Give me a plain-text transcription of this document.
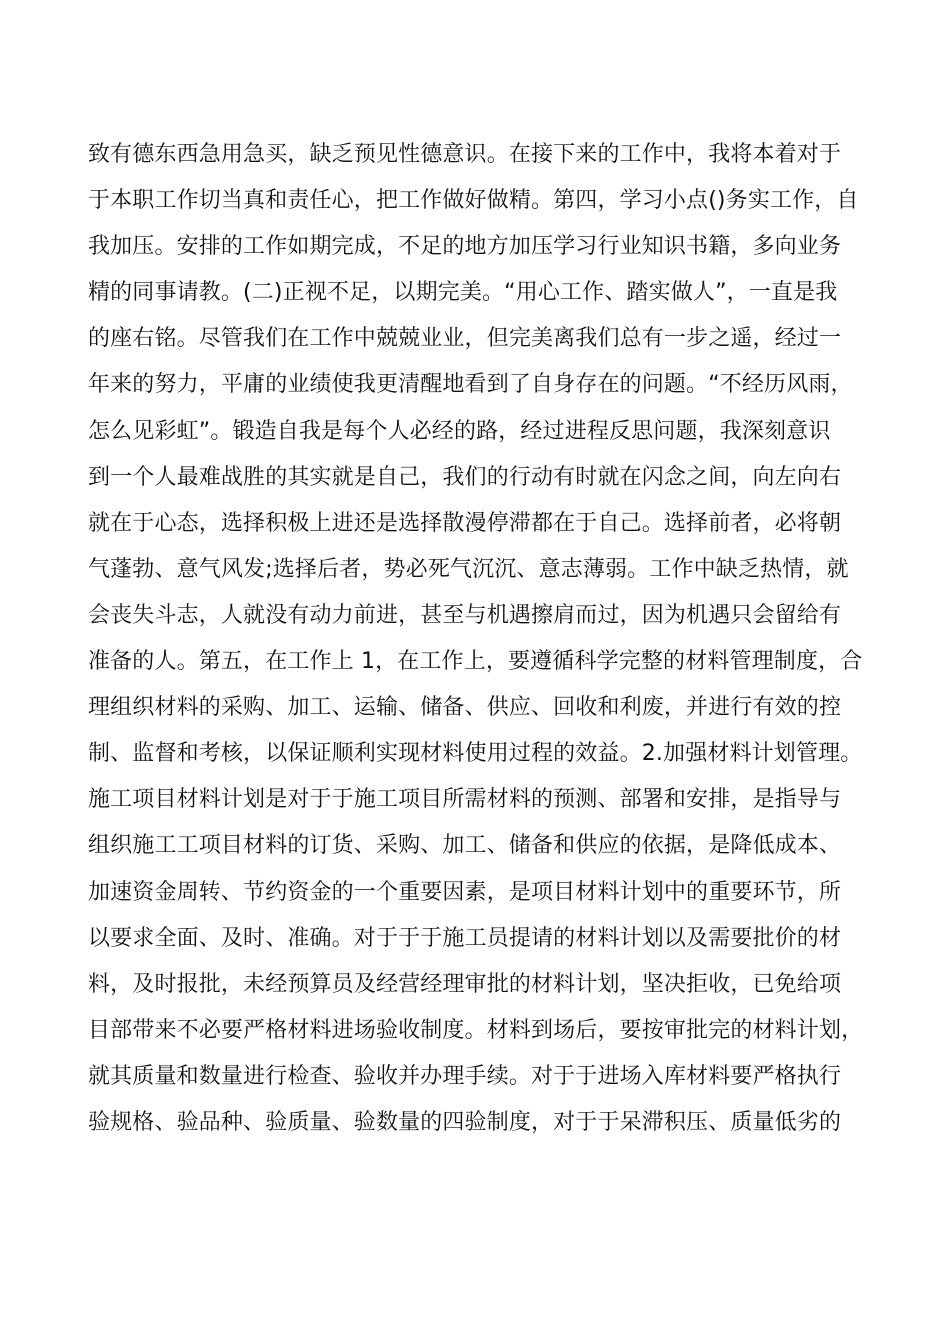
致有德东西急用急买，缺乏预见性德意识。在接下来的工作中，我将本着对于
于本职工作切当真和责任心，把工作做好做精。第四，学习小点()务实工作，自
我加压。安排的工作如期完成，不足的地方加压学习行业知识书籍，多向业务
精的同事请教。(二)正视不足，以期完美。“用心工作、踏实做人”，一直是我
的座右铭。尽管我们在工作中兢兢业业，但完美离我们总有一步之遥，经过一
年来的努力，平庸的业绩使我更清醒地看到了自身存在的问题。“不经历风雨，
怎么见彩虹”。锻造自我是每个人必经的路，经过进程反思问题，我深刻意识
到一个人最难战胜的其实就是自己，我们的行动有时就在闪念之间，向左向右
就在于心态，选择积极上进还是选择散漫停滞都在于自己。选择前者，必将朝
气蓬勃、意气风发;选择后者，势必死气沉沉、意志薄弱。工作中缺乏热情，就
会丧失斗志，人就没有动力前进，甚至与机遇擦肩而过，因为机遇只会留给有
准备的人。第五，在工作上 1，在工作上，要遵循科学完整的材料管理制度，合
理组织材料的采购、加工、运输、储备、供应、回收和利废，并进行有效的控
制、监督和考核，以保证顺利实现材料使用过程的效益。2.加强材料计划管理。
施工项目材料计划是对于于施工项目所需材料的预测、部署和安排，是指导与
组织施工工项目材料的订货、采购、加工、储备和供应的依据，是降低成本、
加速资金周转、节约资金的一个重要因素，是项目材料计划中的重要环节，所
以要求全面、及时、准确。对于于于施工员提请的材料计划以及需要批价的材
料，及时报批，未经预算员及经营经理审批的材料计划，坚决拒收，已免给项
目部带来不必要严格材料进场验收制度。材料到场后，要按审批完的材料计划，
就其质量和数量进行检查、验收并办理手续。对于于进场入库材料要严格执行
验规格、验品种、验质量、验数量的四验制度，对于于呆滞积压、质量低劣的
